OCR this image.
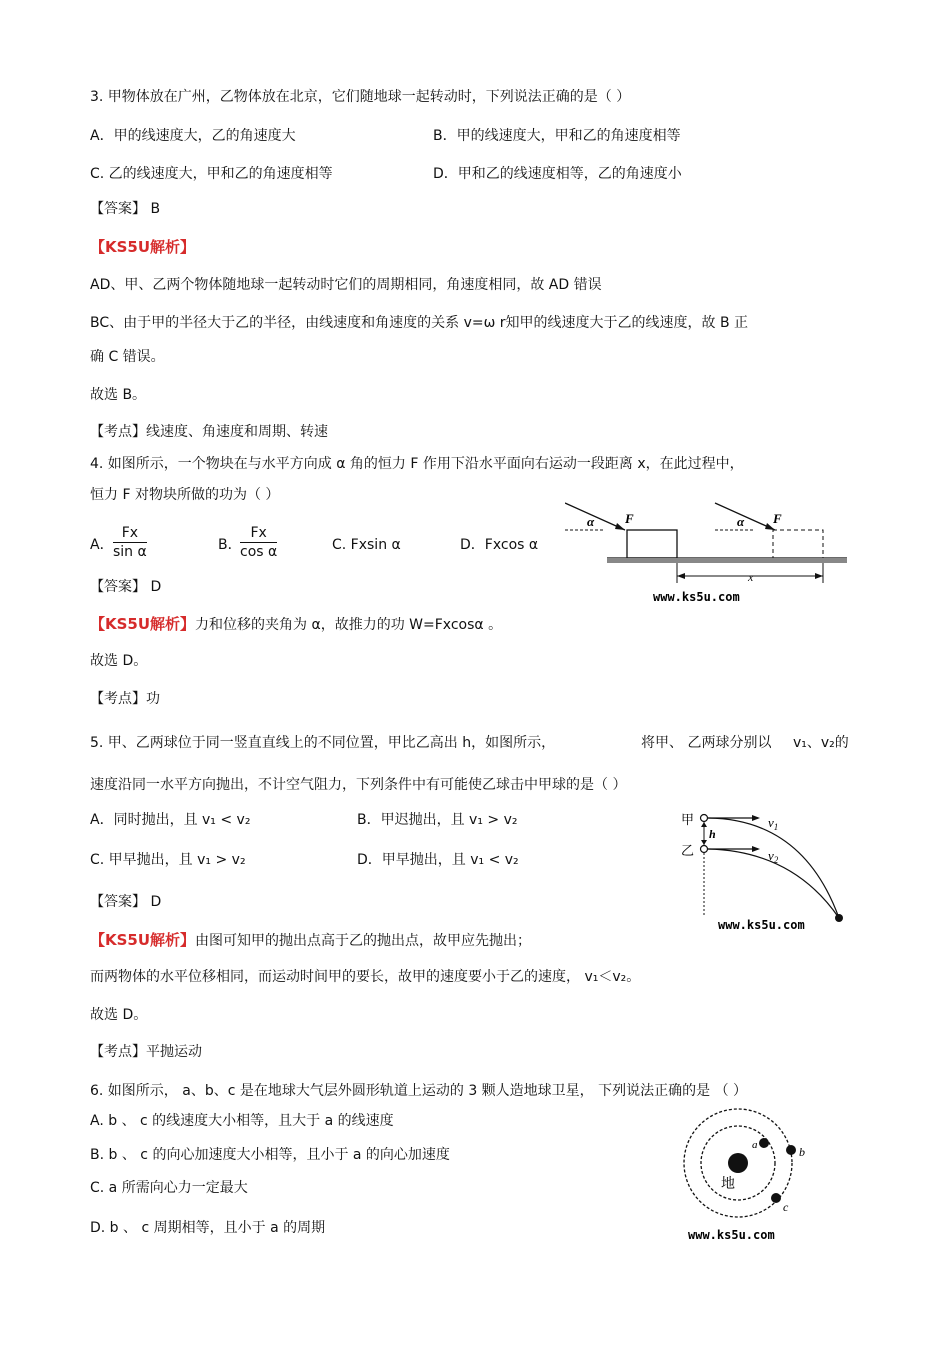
3. 甲物体放在广州，乙物体放在北京，它们随地球一起转动时，下列说法正确的是（ ）
A．甲的线速度大，乙的角速度大	B．甲的线速度大，甲和乙的角速度相等
C. 乙的线速度大，甲和乙的角速度相等	D．甲和乙的线速度相等，乙的角速度小
【答案】 B
【KS5U解析】
AD、甲、乙两个物体随地球一起转动时它们的周期相同，角速度相同，故 AD 错误
BC、由于甲的半径大于乙的半径，由线速度和角速度的关系 v=ω r知甲的线速度大于乙的线速度，故 B 正
确 C 错误。
故选 B。
【考点】线速度、角速度和周期、转速
4. 如图所示，一个物块在与水平方向成 α 角的恒力 F 作用下沿水平面向右运动一段距离 x，在此过程中，
恒力 F 对物块所做的功为（ ）
A． $\frac{Fx}{\text{sin α}}$	B．
$\frac{Fx}{\text{cos α}}$	C. Fxsin α	D．Fxcos α
【答案】 D
【KS5U解析】力和位移的夹角为 α，故推力的功 W=Fxcosα 。
故选 D。
【考点】功
α F	α F
x
www.ks5u.com
5. 甲、乙两球位于同一竖直直线上的不同位置，甲比乙高出 h，如图所示，	将甲、 乙两球分别以 v₁、v₂的
速度沿同一水平方向抛出，不计空气阻力，下列条件中有可能使乙球击中甲球的是（ ）
A．同时抛出，且 v₁ < v₂	B．甲迟抛出，且 v₁ > v₂
C. 甲早抛出，且 v₁ > v₂	D．甲早抛出，且 v₁ < v₂
【答案】 D
【KS5U解析】由图可知甲的抛出点高于乙的抛出点，故甲应先抛出；
而两物体的水平位移相同，而运动时间甲的要长，故甲的速度要小于乙的速度， v₁＜v₂。
故选 D。
【考点】平抛运动
甲
乙
h
$v_1$
$v_2$
www.ks5u.com
6. 如图所示， a、b、c 是在地球大气层外圆形轨道上运动的 3 颗人造地球卫星， 下列说法正确的是 （ ）
A. b 、 c 的线速度大小相等，且大于 a 的线速度
B. b 、 c 的向心加速度大小相等，且小于 a 的向心加速度
C. a 所需向心力一定最大
D. b 、 c 周期相等，且小于 a 的周期
地
a	b
c
www.ks5u.com
